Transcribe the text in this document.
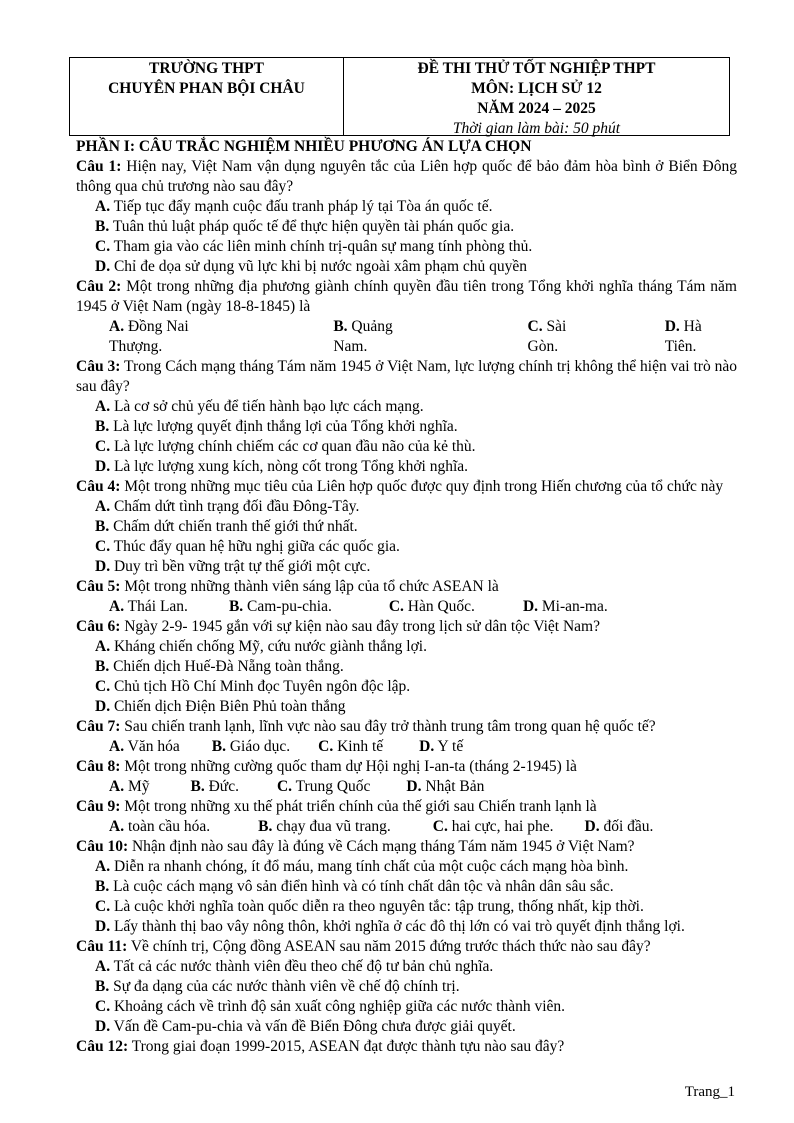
TRƯỜNG THPT
CHUYÊN PHAN BỘI CHÂU
ĐỀ THI THỬ TỐT NGHIỆP THPT
MÔN: LỊCH SỬ 12
NĂM 2024 – 2025
Thời gian làm bài: 50 phút
PHẦN I: CÂU TRẮC NGHIỆM NHIỀU PHƯƠNG ÁN LỰA CHỌN
Câu 1: Hiện nay, Việt Nam vận dụng nguyên tắc của Liên hợp quốc để bảo đảm hòa bình ở Biển Đông thông qua chủ trương nào sau đây?
A. Tiếp tục đẩy mạnh cuộc đấu tranh pháp lý tại Tòa án quốc tế.
B. Tuân thủ luật pháp quốc tế để thực hiện quyền tài phán quốc gia.
C. Tham gia vào các liên minh chính trị-quân sự mang tính phòng thủ.
D. Chỉ đe dọa sử dụng vũ lực khi bị nước ngoài xâm phạm chủ quyền
Câu 2: Một trong những địa phương giành chính quyền đầu tiên trong Tổng khởi nghĩa tháng Tám năm 1945 ở Việt Nam (ngày 18-8-1845) là
A. Đồng Nai Thượng.
B. Quảng Nam.
C. Sài Gòn.
D. Hà Tiên.
Câu 3: Trong Cách mạng tháng Tám năm 1945 ở Việt Nam, lực lượng chính trị không thể hiện vai trò nào sau đây?
A. Là cơ sở chủ yếu để tiến hành bạo lực cách mạng.
B. Là lực lượng quyết định thắng lợi của Tổng khởi nghĩa.
C. Là lực lượng chính chiếm các cơ quan đầu não của kẻ thù.
D. Là lực lượng xung kích, nòng cốt trong Tổng khởi nghĩa.
Câu 4: Một trong những mục tiêu của Liên hợp quốc được quy định trong Hiến chương của tổ chức này
A. Chấm dứt tình trạng đối đầu Đông-Tây.
B. Chấm dứt chiến tranh thế giới thứ nhất.
C. Thúc đẩy quan hệ hữu nghị giữa các quốc gia.
D. Duy trì bền vững trật tự thế giới một cực.
Câu 5: Một trong những thành viên sáng lập của tổ chức ASEAN là
A. Thái Lan.	B. Cam-pu-chia.	C. Hàn Quốc.	D. Mi-an-ma.
Câu 6: Ngày 2-9- 1945 gắn với sự kiện nào sau đây trong lịch sử dân tộc Việt Nam?
A. Kháng chiến chống Mỹ, cứu nước giành thắng lợi.
B. Chiến dịch Huế-Đà Nẵng toàn thắng.
C. Chủ tịch Hồ Chí Minh đọc Tuyên ngôn độc lập.
D. Chiến dịch Điện Biên Phủ toàn thắng
Câu 7: Sau chiến tranh lạnh, lĩnh vực nào sau đây trở thành trung tâm trong quan hệ quốc tế?
A. Văn hóa B. Giáo dục. C. Kinh tế D. Y tế
Câu 8: Một trong những cường quốc tham dự Hội nghị I-an-ta (tháng 2-1945) là
A. Mỹ	B. Đức. C. Trung Quốc D. Nhật Bản
Câu 9: Một trong những xu thế phát triển chính của thế giới sau Chiến tranh lạnh là
A. toàn cầu hóa.	B. chạy đua vũ trang.	C. hai cực, hai phe. D. đối đầu.
Câu 10: Nhận định nào sau đây là đúng về Cách mạng tháng Tám năm 1945 ở Việt Nam?
A. Diễn ra nhanh chóng, ít đổ máu, mang tính chất của một cuộc cách mạng hòa bình.
B. Là cuộc cách mạng vô sản điển hình và có tính chất dân tộc và nhân dân sâu sắc.
C. Là cuộc khởi nghĩa toàn quốc diễn ra theo nguyên tắc: tập trung, thống nhất, kịp thời.
D. Lấy thành thị bao vây nông thôn, khởi nghĩa ở các đô thị lớn có vai trò quyết định thắng lợi.
Câu 11: Về chính trị, Cộng đồng ASEAN sau năm 2015 đứng trước thách thức nào sau đây?
A. Tất cả các nước thành viên đều theo chế độ tư bản chủ nghĩa.
B. Sự đa dạng của các nước thành viên về chế độ chính trị.
C. Khoảng cách về trình độ sản xuất công nghiệp giữa các nước thành viên.
D. Vấn đề Cam-pu-chia và vấn đề Biển Đông chưa được giải quyết.
Câu 12: Trong giai đoạn 1999-2015, ASEAN đạt được thành tựu nào sau đây?
Trang_1
